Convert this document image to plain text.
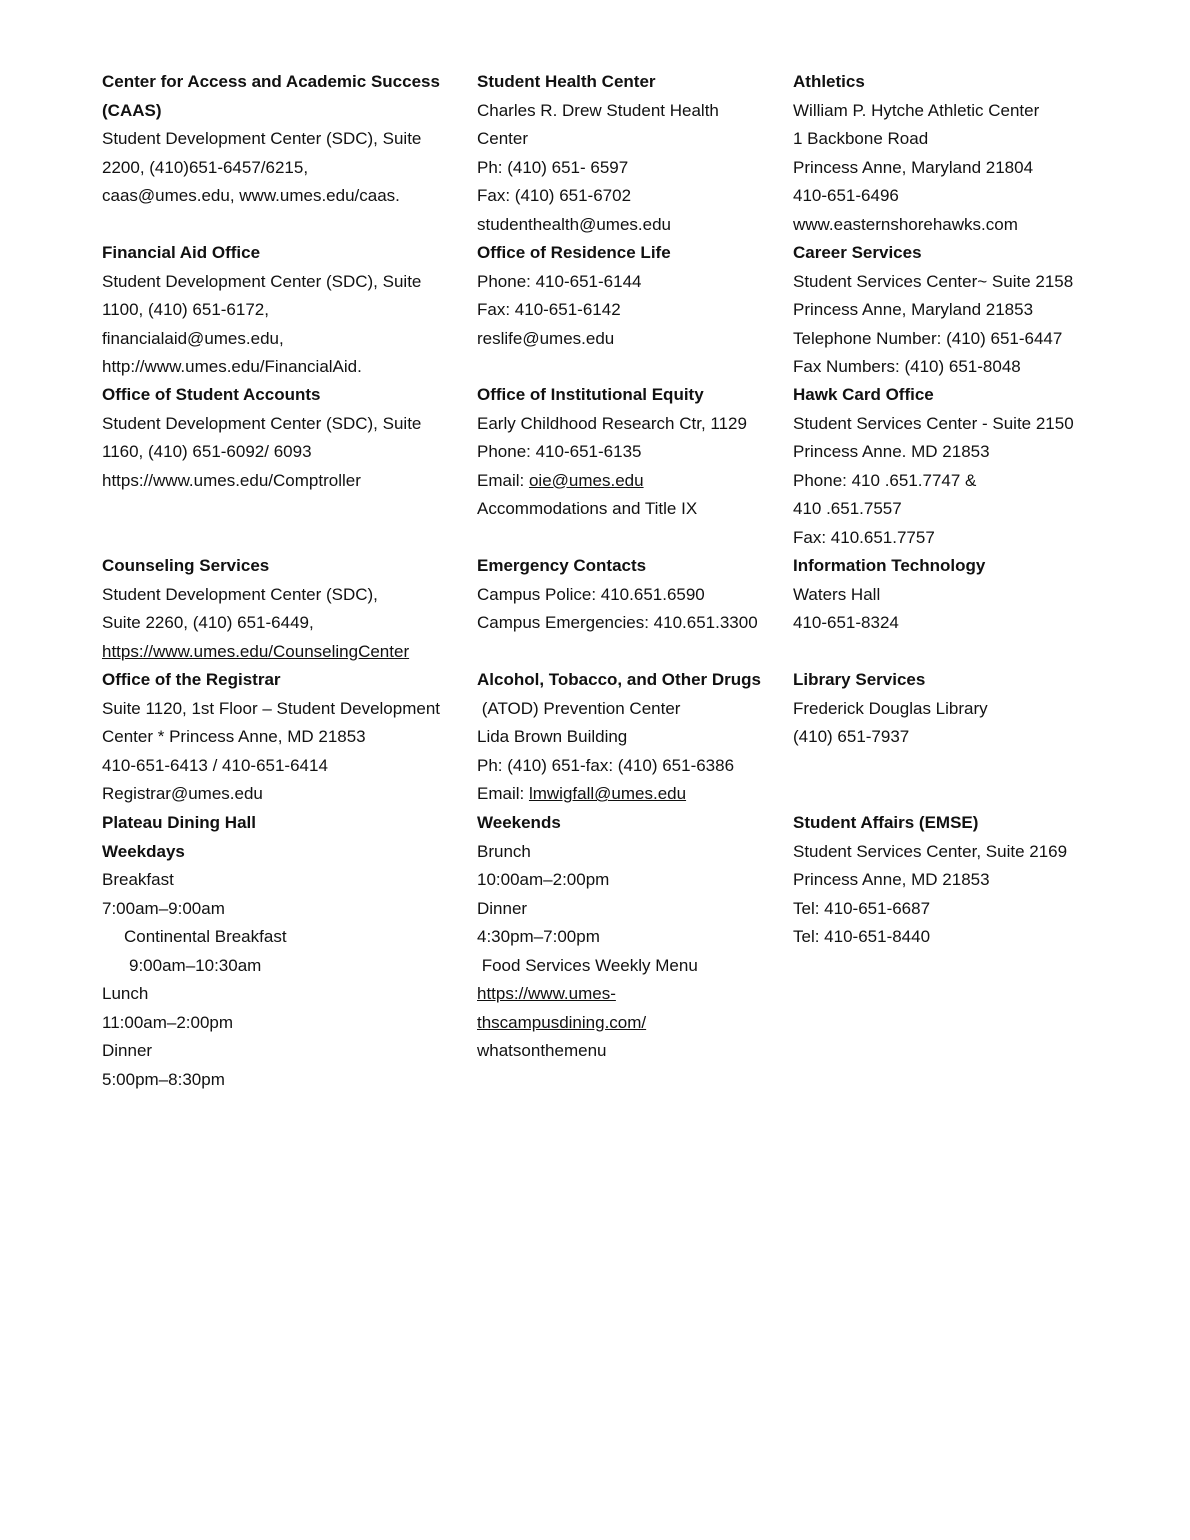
Center for Access and Academic Success
(CAAS)
Student Development Center (SDC), Suite
2200, (410)651-6457/6215,
caas@umes.edu, www.umes.edu/caas.
Financial Aid Office
Student Development Center (SDC), Suite
1100, (410) 651-6172,
financialaid@umes.edu,
http://www.umes.edu/FinancialAid.
Office of Student Accounts
Student Development Center (SDC), Suite
1160, (410) 651-6092/ 6093
https://www.umes.edu/Comptroller
Counseling Services
Student Development Center (SDC),
Suite 2260, (410) 651-6449,
https://www.umes.edu/CounselingCenter
Office of the Registrar
Suite 1120, 1st Floor – Student Development
Center * Princess Anne, MD 21853
410-651-6413 / 410-651-6414
Registrar@umes.edu
Plateau Dining Hall
Weekdays
Breakfast
7:00am–9:00am
Continental Breakfast
9:00am–10:30am
Lunch
11:00am–2:00pm
Dinner
5:00pm–8:30pm
Student Health Center
Charles R. Drew Student Health
Center
Ph: (410) 651- 6597
Fax: (410) 651-6702
studenthealth@umes.edu
Office of Residence Life
Phone: 410-651-6144
Fax: 410-651-6142
reslife@umes.edu
Office of Institutional Equity
Early Childhood Research Ctr, 1129
Phone: 410-651-6135
Email: oie@umes.edu
Accommodations and Title IX
Emergency Contacts
Campus Police: 410.651.6590
Campus Emergencies: 410.651.3300
Alcohol, Tobacco, and Other Drugs
(ATOD) Prevention Center
Lida Brown Building
Ph: (410) 651-fax: (410) 651-6386
Email: lmwigfall@umes.edu
Weekends
Brunch
10:00am–2:00pm
Dinner
4:30pm–7:00pm
Food Services Weekly Menu
https://www.umes-
thscampusdining.com/
whatsonthemenu
Athletics
William P. Hytche Athletic Center
1 Backbone Road
Princess Anne, Maryland 21804
410-651-6496
www.easternshorehawks.com
Career Services
Student Services Center~ Suite 2158
Princess Anne, Maryland 21853
Telephone Number: (410) 651-6447
Fax Numbers: (410) 651-8048
Hawk Card Office
Student Services Center - Suite 2150
Princess Anne. MD 21853
Phone: 410 .651.7747 &
410 .651.7557
Fax: 410.651.7757
Information Technology
Waters Hall
410-651-8324
Library Services
Frederick Douglas Library
(410) 651-7937
Student Affairs (EMSE)
Student Services Center, Suite 2169
Princess Anne, MD 21853
Tel: 410-651-6687
Tel: 410-651-8440
